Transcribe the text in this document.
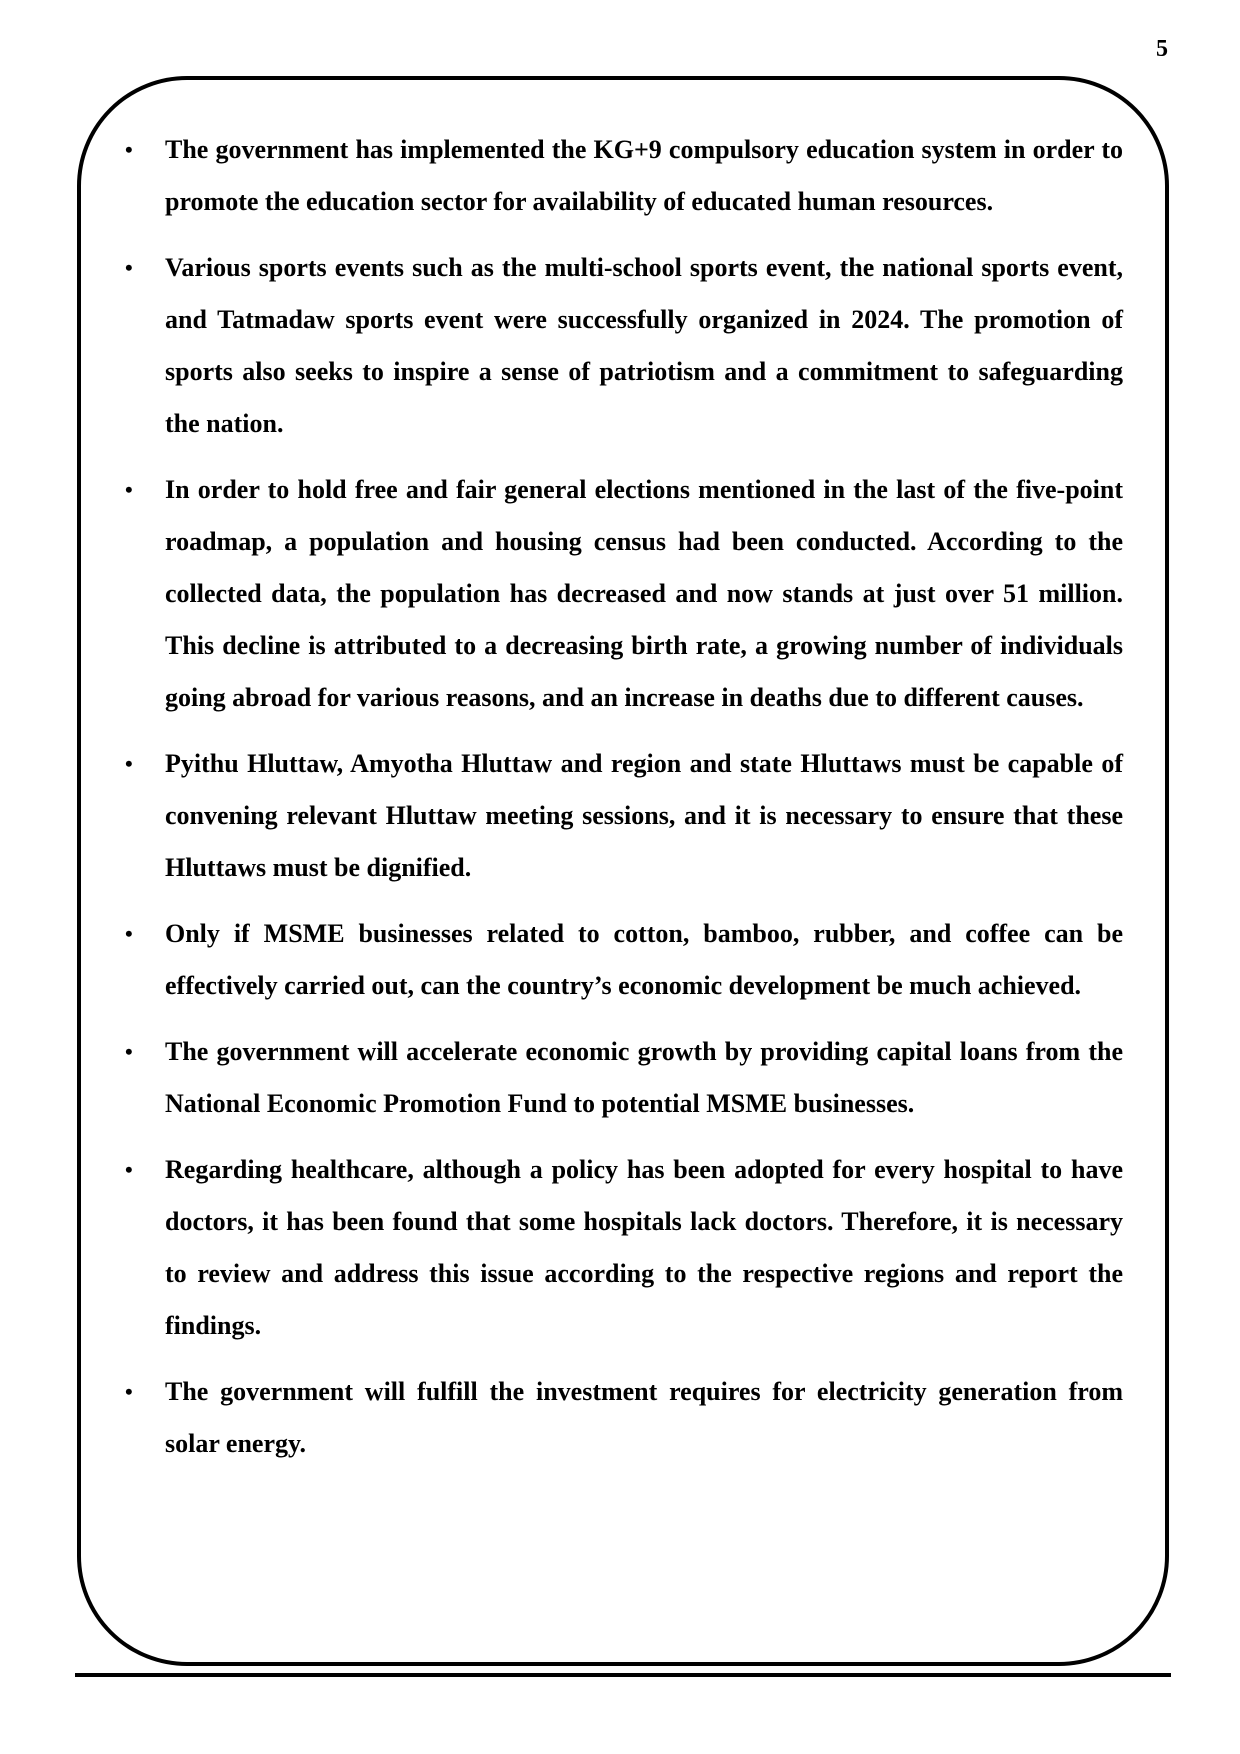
5
•	The government has implemented the KG+9 compulsory education system in order to promote the education sector for availability of educated human resources.
•	Various sports events such as the multi-school sports event, the national sports event, and Tatmadaw sports event were successfully organized in 2024. The promotion of sports also seeks to inspire a sense of patriotism and a commitment to safeguarding the nation.
•	In order to hold free and fair general elections mentioned in the last of the five-point roadmap, a population and housing census had been conducted. According to the collected data, the population has decreased and now stands at just over 51 million. This decline is attributed to a decreasing birth rate, a growing number of individuals going abroad for various reasons, and an increase in deaths due to different causes.
•	Pyithu Hluttaw, Amyotha Hluttaw and region and state Hluttaws must be capable of convening relevant Hluttaw meeting sessions, and it is necessary to ensure that these Hluttaws must be dignified.
•	Only if MSME businesses related to cotton, bamboo, rubber, and coffee can be effectively carried out, can the country’s economic development be much achieved.
•	The government will accelerate economic growth by providing capital loans from the National Economic Promotion Fund to potential MSME businesses.
•	Regarding healthcare, although a policy has been adopted for every hospital to have doctors, it has been found that some hospitals lack doctors. Therefore, it is necessary to review and address this issue according to the respective regions and report the findings.
•	The government will fulfill the investment requires for electricity generation from solar energy.
